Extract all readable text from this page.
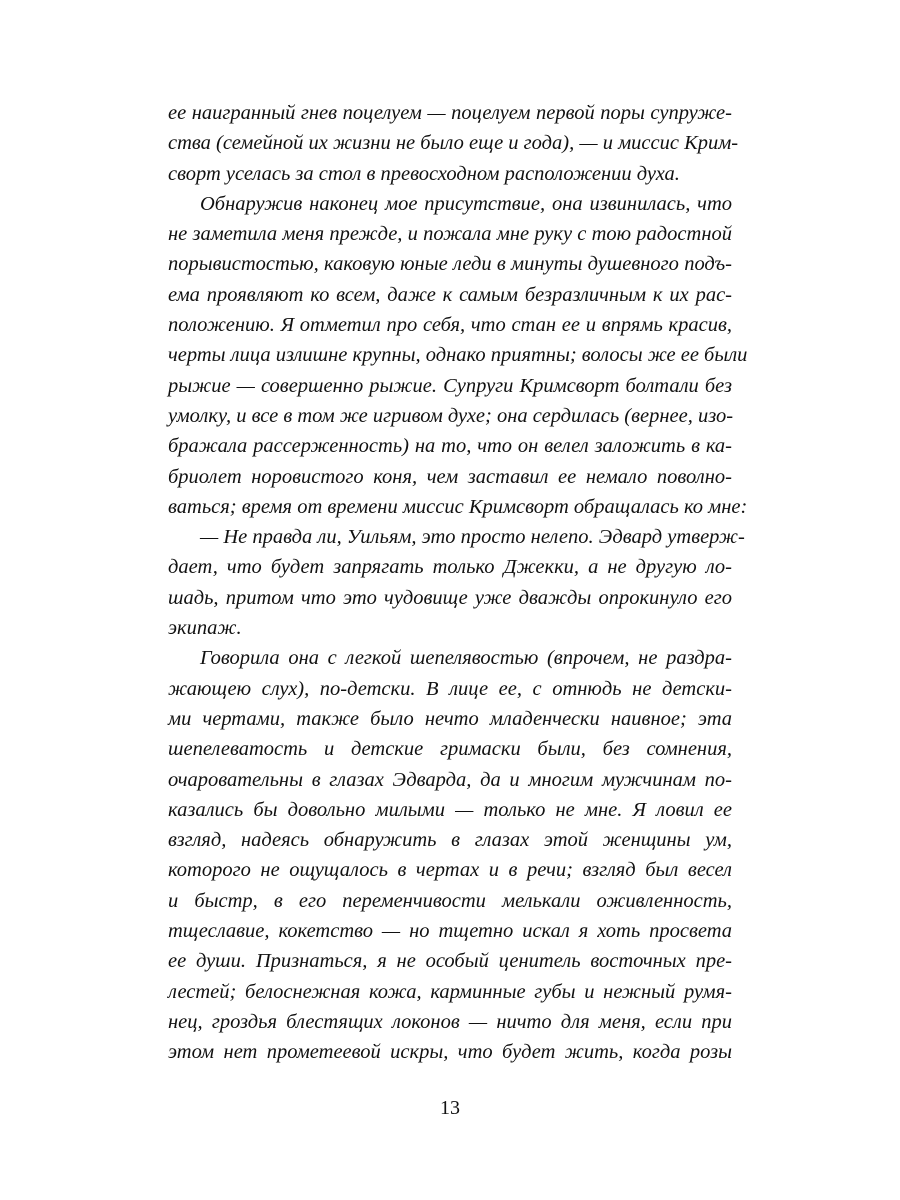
ее наигранный гнев поцелуем — поцелуем первой поры супруже-
ства (семейной их жизни не было еще и года), — и миссис Крим-
сворт уселась за стол в превосходном расположении духа.
Обнаружив наконец мое присутствие, она извинилась, что
не заметила меня прежде, и пожала мне руку с тою радостной
порывистостью, каковую юные леди в минуты душевного подъ-
ема проявляют ко всем, даже к самым безразличным к их рас-
положению. Я отметил про себя, что стан ее и впрямь красив,
черты лица излишне крупны, однако приятны; волосы же ее были
рыжие — совершенно рыжие. Супруги Кримсворт болтали без
умолку, и все в том же игривом духе; она сердилась (вернее, изо-
бражала рассерженность) на то, что он велел заложить в ка-
бриолет норовистого коня, чем заставил ее немало поволно-
ваться; время от времени миссис Кримсворт обращалась ко мне:
— Не правда ли, Уильям, это просто нелепо. Эдвард утверж-
дает, что будет запрягать только Джекки, а не другую ло-
шадь, притом что это чудовище уже дважды опрокинуло его
экипаж.
Говорила она с легкой шепелявостью (впрочем, не раздра-
жающею слух), по-детски. В лице ее, с отнюдь не детски-
ми чертами, также было нечто младенчески наивное; эта
шепелеватость и детские гримаски были, без сомнения,
очаровательны в глазах Эдварда, да и многим мужчинам по-
казались бы довольно милыми — только не мне. Я ловил ее
взгляд, надеясь обнаружить в глазах этой женщины ум,
которого не ощущалось в чертах и в речи; взгляд был весел
и быстр, в его переменчивости мелькали оживленность,
тщеславие, кокетство — но тщетно искал я хоть просвета
ее души. Признаться, я не особый ценитель восточных пре-
лестей; белоснежная кожа, карминные губы и нежный румя-
нец, гроздья блестящих локонов — ничто для меня, если при
этом нет прометеевой искры, что будет жить, когда розы
13
